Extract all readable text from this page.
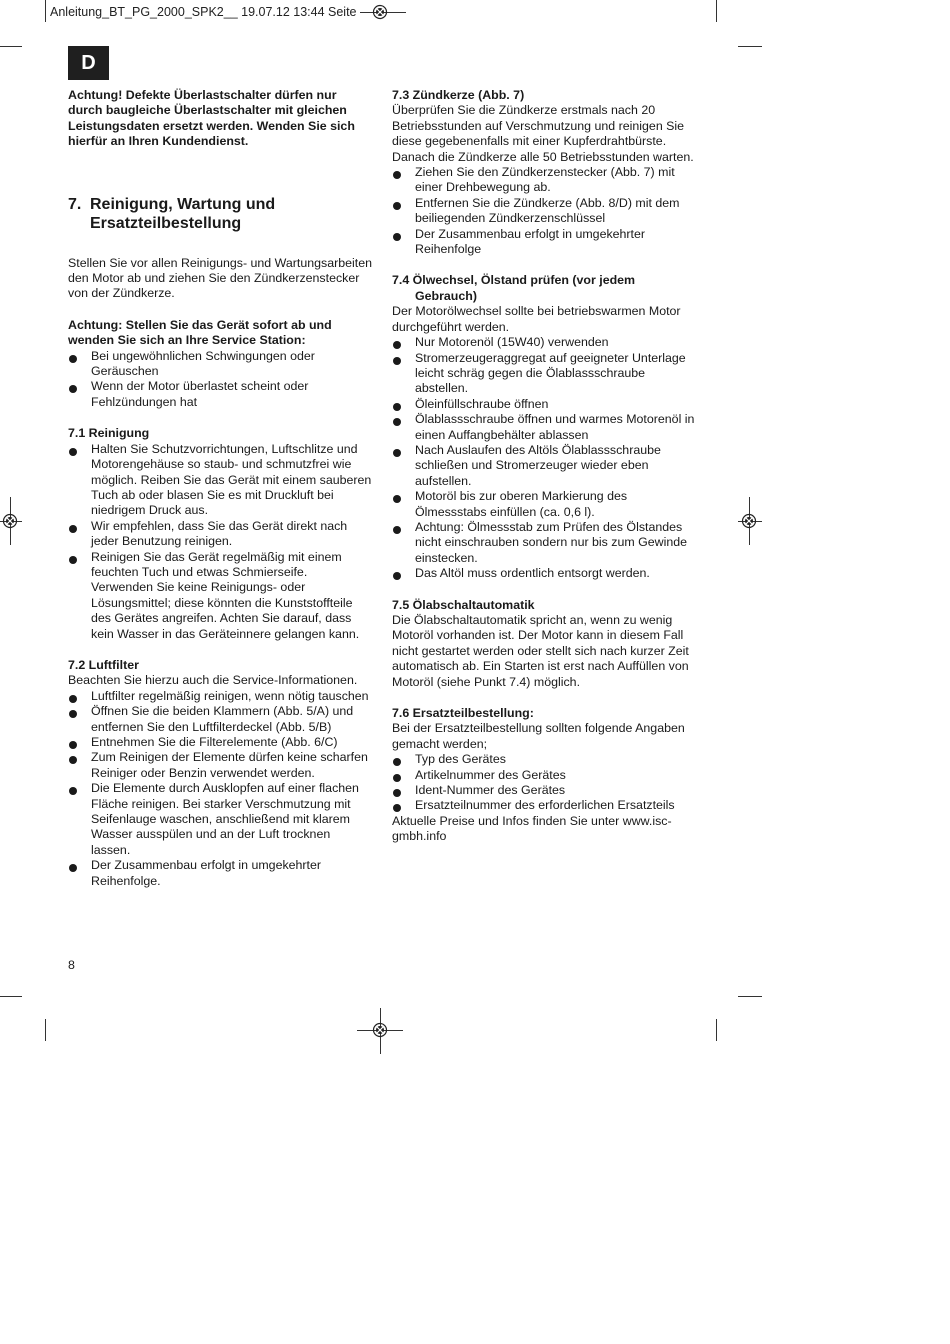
Anleitung_BT_PG_2000_SPK2__ 19.07.12 13:44 Seite
D

Achtung! Defekte Überlastschalter dürfen nur durch baugleiche Überlastschalter mit gleichen Leistungsdaten ersetzt werden. Wenden Sie sich hierfür an Ihren Kundendienst.

7. Reinigung, Wartung und Ersatzteilbestellung

Stellen Sie vor allen Reinigungs- und Wartungsarbeiten den Motor ab und ziehen Sie den Zündkerzenstecker von der Zündkerze.

Achtung: Stellen Sie das Gerät sofort ab und wenden Sie sich an Ihre Service Station:

Bei ungewöhnlichen Schwingungen oder Geräuschen
Wenn der Motor überlastet scheint oder Fehlzündungen hat

7.1 Reinigung

Halten Sie Schutzvorrichtungen, Luftschlitze und Motorengehäuse so staub- und schmutzfrei wie möglich. Reiben Sie das Gerät mit einem sauberen Tuch ab oder blasen Sie es mit Druckluft bei niedrigem Druck aus.
Wir empfehlen, dass Sie das Gerät direkt nach jeder Benutzung reinigen.
Reinigen Sie das Gerät regelmäßig mit einem feuchten Tuch und etwas Schmierseife. Verwenden Sie keine Reinigungs- oder Lösungsmittel; diese könnten die Kunststoffteile des Gerätes angreifen. Achten Sie darauf, dass kein Wasser in das Geräteinnere gelangen kann.

7.2 Luftfilter

Beachten Sie hierzu auch die Service-Informationen.

Luftfilter regelmäßig reinigen, wenn nötig tauschen
Öffnen Sie die beiden Klammern (Abb. 5/A) und entfernen Sie den Luftfilterdeckel (Abb. 5/B)
Entnehmen Sie die Filterelemente (Abb. 6/C)
Zum Reinigen der Elemente dürfen keine scharfen Reiniger oder Benzin verwendet werden.
Die Elemente durch Ausklopfen auf einer flachen Fläche reinigen. Bei starker Verschmutzung mit Seifenlauge waschen, anschließend mit klarem Wasser ausspülen und an der Luft trocknen lassen.
Der Zusammenbau erfolgt in umgekehrter Reihenfolge.

7.3 Zündkerze (Abb. 7)

Überprüfen Sie die Zündkerze erstmals nach 20 Betriebsstunden auf Verschmutzung und reinigen Sie diese gegebenenfalls mit einer Kupferdrahtbürste. Danach die Zündkerze alle 50 Betriebsstunden warten.

Ziehen Sie den Zündkerzenstecker (Abb. 7) mit einer Drehbewegung ab.
Entfernen Sie die Zündkerze (Abb. 8/D) mit dem beiliegenden Zündkerzenschlüssel
Der Zusammenbau erfolgt in umgekehrter Reihenfolge

7.4 Ölwechsel, Ölstand prüfen (vor jedem Gebrauch)

Der Motorölwechsel sollte bei betriebswarmen Motor durchgeführt werden.

Nur Motorenöl (15W40) verwenden
Stromerzeugeraggregat auf geeigneter Unterlage leicht schräg gegen die Ölablassschraube abstellen.
Öleinfüllschraube öffnen
Ölablassschraube öffnen und warmes Motorenöl in einen Auffangbehälter ablassen
Nach Auslaufen des Altöls Ölablassschraube schließen und Stromerzeuger wieder eben aufstellen.
Motoröl bis zur oberen Markierung des Ölmessstabs einfüllen (ca. 0,6 l).
Achtung: Ölmessstab zum Prüfen des Ölstandes nicht einschrauben sondern nur bis zum Gewinde einstecken.
Das Altöl muss ordentlich entsorgt werden.

7.5 Ölabschaltautomatik

Die Ölabschaltautomatik spricht an, wenn zu wenig Motoröl vorhanden ist. Der Motor kann in diesem Fall nicht gestartet werden oder stellt sich nach kurzer Zeit automatisch ab. Ein Starten ist erst nach Auffüllen von Motoröl (siehe Punkt 7.4) möglich.

7.6 Ersatzteilbestellung:

Bei der Ersatzteilbestellung sollten folgende Angaben gemacht werden;

Typ des Gerätes
Artikelnummer des Gerätes
Ident-Nummer des Gerätes
Ersatzteilnummer des erforderlichen Ersatzteils

Aktuelle Preise und Infos finden Sie unter www.isc-gmbh.info

8
